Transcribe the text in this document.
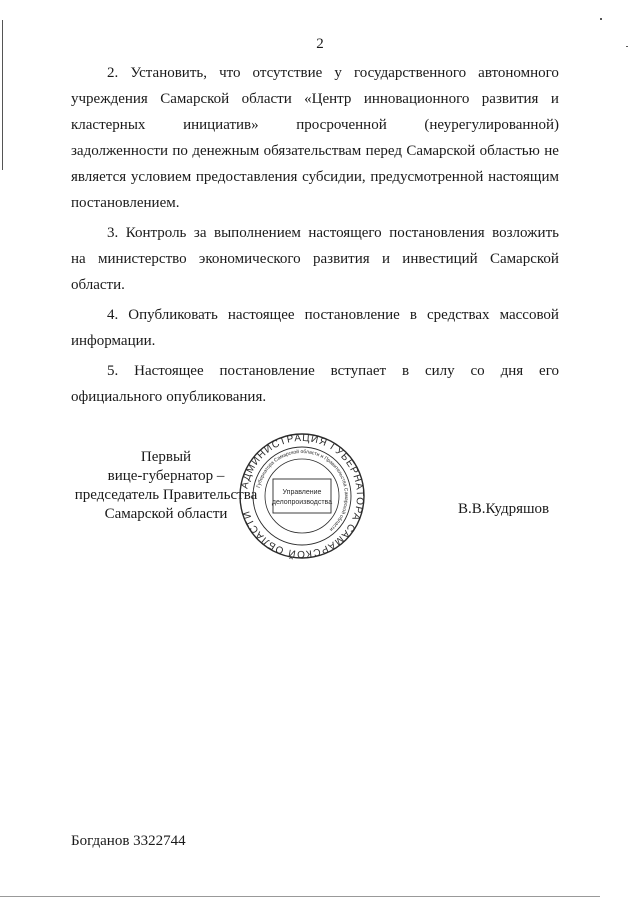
2
2. Установить, что отсутствие у государственного автономного
учреждения Самарской области «Центр инновационного развития и
кластерных	инициатив»	просроченной	(неурегулированной)
задолженности по денежным обязательствам перед Самарской областью не
является условием предоставления субсидии, предусмотренной настоящим
постановлением.
3. Контроль за выполнением настоящего постановления возложить
на министерство экономического развития и инвестиций Самарской
области.
4. Опубликовать настоящее постановление в средствах массовой
информации.
5. Настоящее постановление вступает в силу со дня его
официального опубликования.
Первый
вице-губернатор –
председатель Правительства
Самарской области
АДМИНИСТРАЦИЯ ГУБЕРНАТОРА САМАРСКОЙ ОБЛАСТИ
Губернатора Самарской области и Правительства Самарской области
Управление
делопроизводства	В.В.Кудряшов
Богданов 3322744
